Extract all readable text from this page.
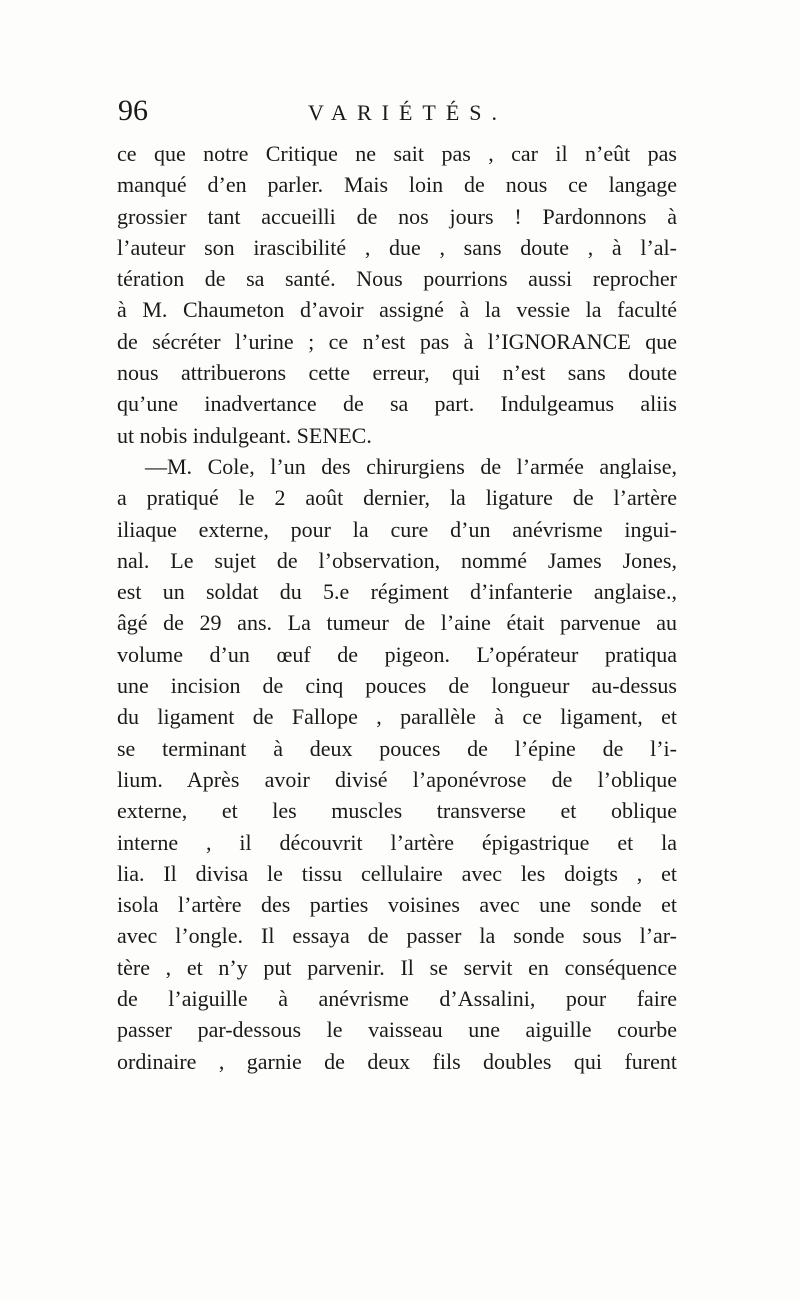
96	VARIÉTÉS.
ce que notre Critique ne sait pas , car il n’eût pas
manqué d’en parler. Mais loin de nous ce langage
grossier tant accueilli de nos jours ! Pardonnons à
l’auteur son irascibilité , due , sans doute , à l’al-
tération de sa santé. Nous pourrions aussi reprocher
à M. Chaumeton d’avoir assigné à la vessie la faculté
de sécréter l’urine ; ce n’est pas à l’IGNORANCE que
nous attribuerons cette erreur, qui n’est sans doute
qu’une inadvertance de sa part. Indulgeamus aliis
ut nobis indulgeant. SENEC.
—M. Cole, l’un des chirurgiens de l’armée anglaise,
a pratiqué le 2 août dernier, la ligature de l’artère
iliaque externe, pour la cure d’un anévrisme ingui-
nal. Le sujet de l’observation, nommé James Jones,
est un soldat du 5.e régiment d’infanterie anglaise.,
âgé de 29 ans. La tumeur de l’aine était parvenue au
volume d’un œuf de pigeon. L’opérateur pratiqua
une incision de cinq pouces de longueur au-dessus
du ligament de Fallope , parallèle à ce ligament, et
se terminant à deux pouces de l’épine de l’i-
lium. Après avoir divisé l’aponévrose de l’oblique
externe, et les muscles transverse et oblique
interne , il découvrit l’artère épigastrique et la
lia. Il divisa le tissu cellulaire avec les doigts , et
isola l’artère des parties voisines avec une sonde et
avec l’ongle. Il essaya de passer la sonde sous l’ar-
tère , et n’y put parvenir. Il se servit en conséquence
de l’aiguille à anévrisme d’Assalini, pour faire
passer par-dessous le vaisseau une aiguille courbe
ordinaire , garnie de deux fils doubles qui furent
